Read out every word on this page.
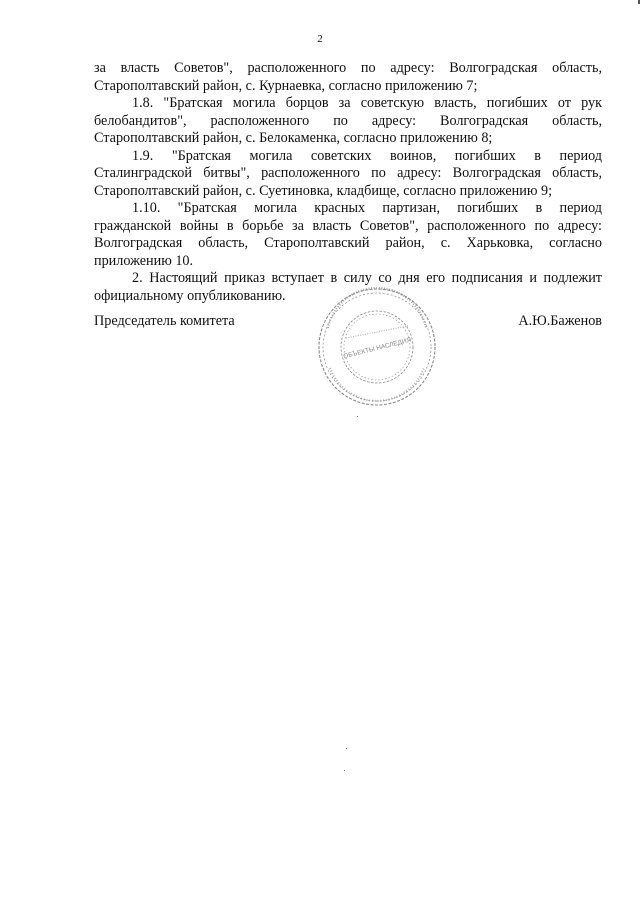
2
за власть Советов", расположенного по адресу: Волгоградская область,
Старополтавский район, с. Курнаевка, согласно приложению 7;
1.8. "Братская могила борцов за советскую власть, погибших от рук
белобандитов", расположенного по адресу: Волгоградская область,
Старополтавский район, с. Белокаменка, согласно приложению 8;
1.9. "Братская могила советских воинов, погибших в период
Сталинградской битвы", расположенного по адресу: Волгоградская область,
Старополтавский район, с. Суетиновка, кладбище, согласно приложению 9;
1.10. "Братская могила красных партизан, погибших в период
гражданской войны в борьбе за власть Советов", расположенного по адресу:
Волгоградская область, Старополтавский район, с. Харьковка, согласно
приложению 10.
2. Настоящий приказ вступает в силу со дня его подписания и подлежит
официальному опубликованию.
Председатель комитета
ОБЪЕКТЫ НАСЛЕДИЯ
А.Ю.Баженов
